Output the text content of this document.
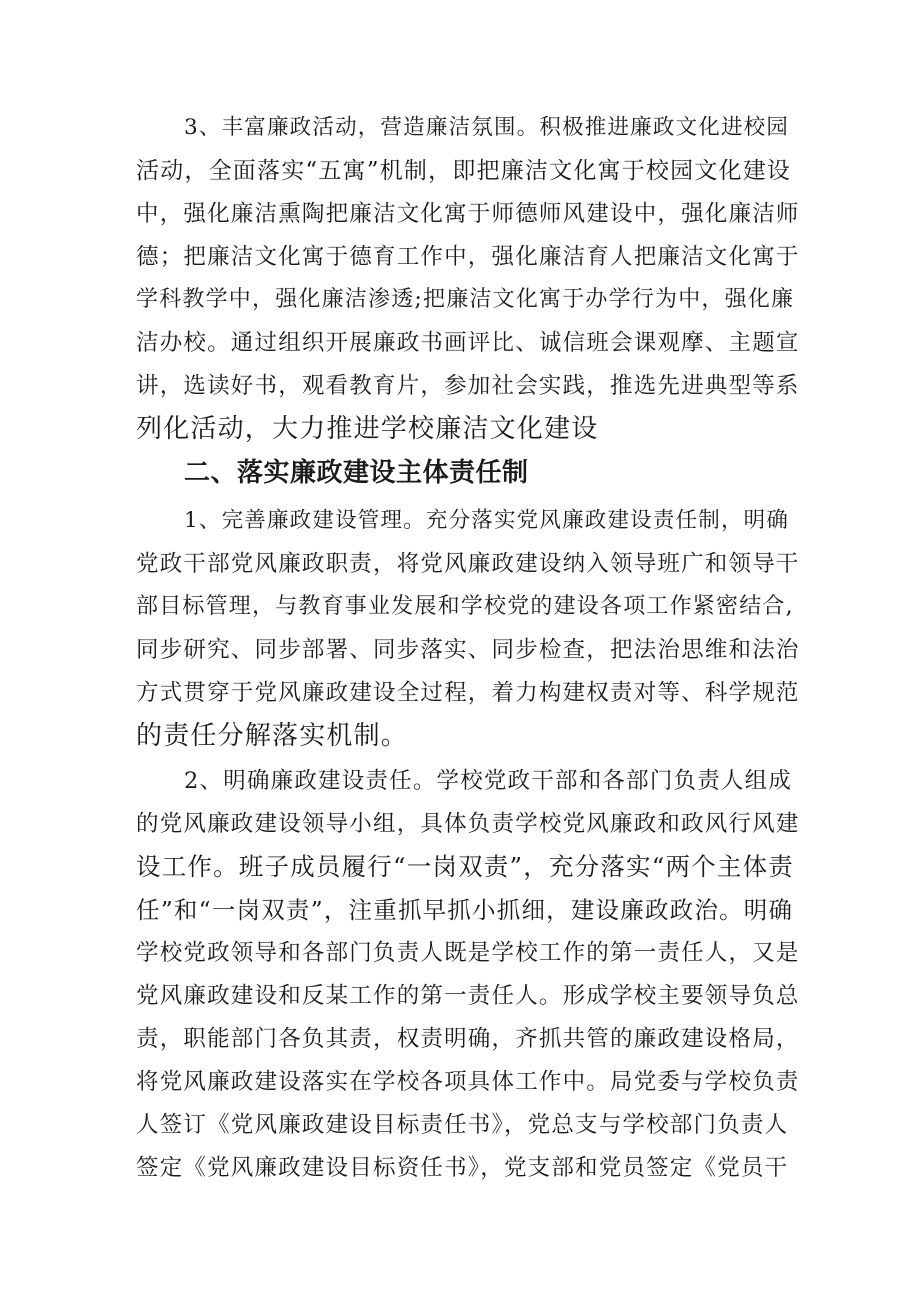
3、丰富廉政活动，营造廉洁氛围。积极推进廉政文化进校园
活动，全面落实“五寓”机制，即把廉洁文化寓于校园文化建设
中，强化廉洁熏陶把廉洁文化寓于师德师风建设中，强化廉洁师
德；把廉洁文化寓于德育工作中，强化廉洁育人把廉洁文化寓于
学科教学中，强化廉洁渗透;把廉洁文化寓于办学行为中，强化廉
洁办校。通过组织开展廉政书画评比、诚信班会课观摩、主题宣
讲，选读好书，观看教育片，参加社会实践，推选先进典型等系
列化活动，大力推进学校廉洁文化建设
二、落实廉政建设主体责任制
1、完善廉政建设管理。充分落实党风廉政建设责任制，明确
党政干部党风廉政职责，将党风廉政建设纳入领导班广和领导干
部目标管理，与教育事业发展和学校党的建设各项工作紧密结合,
同步研究、同步部署、同步落实、同步检查，把法治思维和法治
方式贯穿于党风廉政建设全过程，着力构建权责对等、科学规范
的责任分解落实机制。
2、明确廉政建设责任。学校党政干部和各部门负责人组成
的党风廉政建设领导小组，具体负责学校党风廉政和政风行风建
设工作。班子成员履行“一岗双责”，充分落实“两个主体责
任”和“一岗双责”，注重抓早抓小抓细，建设廉政政治。明确
学校党政领导和各部门负责人既是学校工作的第一责任人，又是
党风廉政建设和反某工作的第一责任人。形成学校主要领导负总
责，职能部门各负其责，权责明确，齐抓共管的廉政建设格局，
将党风廉政建设落实在学校各项具体工作中。局党委与学校负责
人签订《党风廉政建设目标责任书》，党总支与学校部门负责人
签定《党风廉政建设目标资任书》，党支部和党员签定《党员干
